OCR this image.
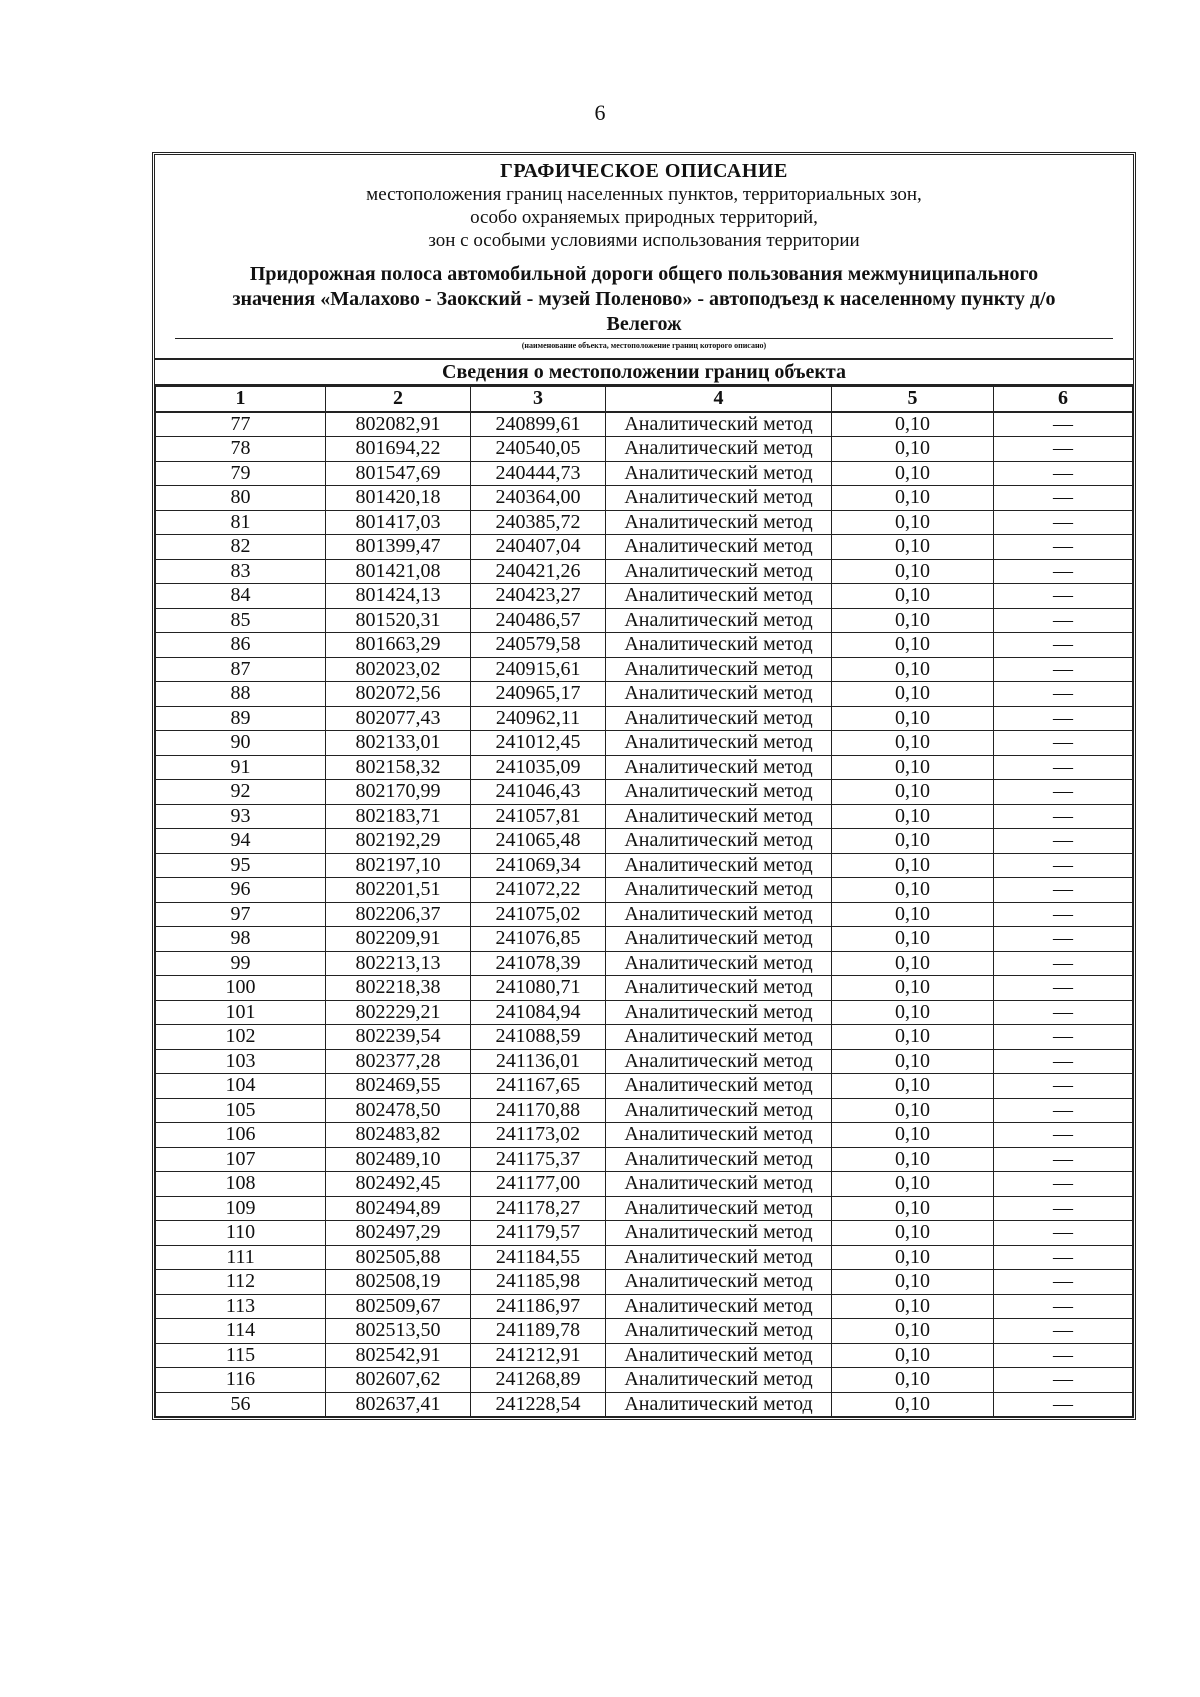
6
ГРАФИЧЕСКОЕ ОПИСАНИЕ
местоположения границ населенных пунктов, территориальных зон,
особо охраняемых природных территорий,
зон с особыми условиями использования территории
Придорожная полоса автомобильной дороги общего пользования межмуниципального
значения «Малахово - Заокский - музей Поленово» - автоподъезд к населенному пункту д/о
Велегож
(наименование объекта, местоположение границ которого описано)
Сведения о местоположении границ объекта
1	2	3	4	5	6
77	802082,91	240899,61	Аналитический метод	0,10	—
78	801694,22	240540,05	Аналитический метод	0,10	—
79	801547,69	240444,73	Аналитический метод	0,10	—
80	801420,18	240364,00	Аналитический метод	0,10	—
81	801417,03	240385,72	Аналитический метод	0,10	—
82	801399,47	240407,04	Аналитический метод	0,10	—
83	801421,08	240421,26	Аналитический метод	0,10	—
84	801424,13	240423,27	Аналитический метод	0,10	—
85	801520,31	240486,57	Аналитический метод	0,10	—
86	801663,29	240579,58	Аналитический метод	0,10	—
87	802023,02	240915,61	Аналитический метод	0,10	—
88	802072,56	240965,17	Аналитический метод	0,10	—
89	802077,43	240962,11	Аналитический метод	0,10	—
90	802133,01	241012,45	Аналитический метод	0,10	—
91	802158,32	241035,09	Аналитический метод	0,10	—
92	802170,99	241046,43	Аналитический метод	0,10	—
93	802183,71	241057,81	Аналитический метод	0,10	—
94	802192,29	241065,48	Аналитический метод	0,10	—
95	802197,10	241069,34	Аналитический метод	0,10	—
96	802201,51	241072,22	Аналитический метод	0,10	—
97	802206,37	241075,02	Аналитический метод	0,10	—
98	802209,91	241076,85	Аналитический метод	0,10	—
99	802213,13	241078,39	Аналитический метод	0,10	—
100	802218,38	241080,71	Аналитический метод	0,10	—
101	802229,21	241084,94	Аналитический метод	0,10	—
102	802239,54	241088,59	Аналитический метод	0,10	—
103	802377,28	241136,01	Аналитический метод	0,10	—
104	802469,55	241167,65	Аналитический метод	0,10	—
105	802478,50	241170,88	Аналитический метод	0,10	—
106	802483,82	241173,02	Аналитический метод	0,10	—
107	802489,10	241175,37	Аналитический метод	0,10	—
108	802492,45	241177,00	Аналитический метод	0,10	—
109	802494,89	241178,27	Аналитический метод	0,10	—
110	802497,29	241179,57	Аналитический метод	0,10	—
111	802505,88	241184,55	Аналитический метод	0,10	—
112	802508,19	241185,98	Аналитический метод	0,10	—
113	802509,67	241186,97	Аналитический метод	0,10	—
114	802513,50	241189,78	Аналитический метод	0,10	—
115	802542,91	241212,91	Аналитический метод	0,10	—
116	802607,62	241268,89	Аналитический метод	0,10	—
56	802637,41	241228,54	Аналитический метод	0,10	—
